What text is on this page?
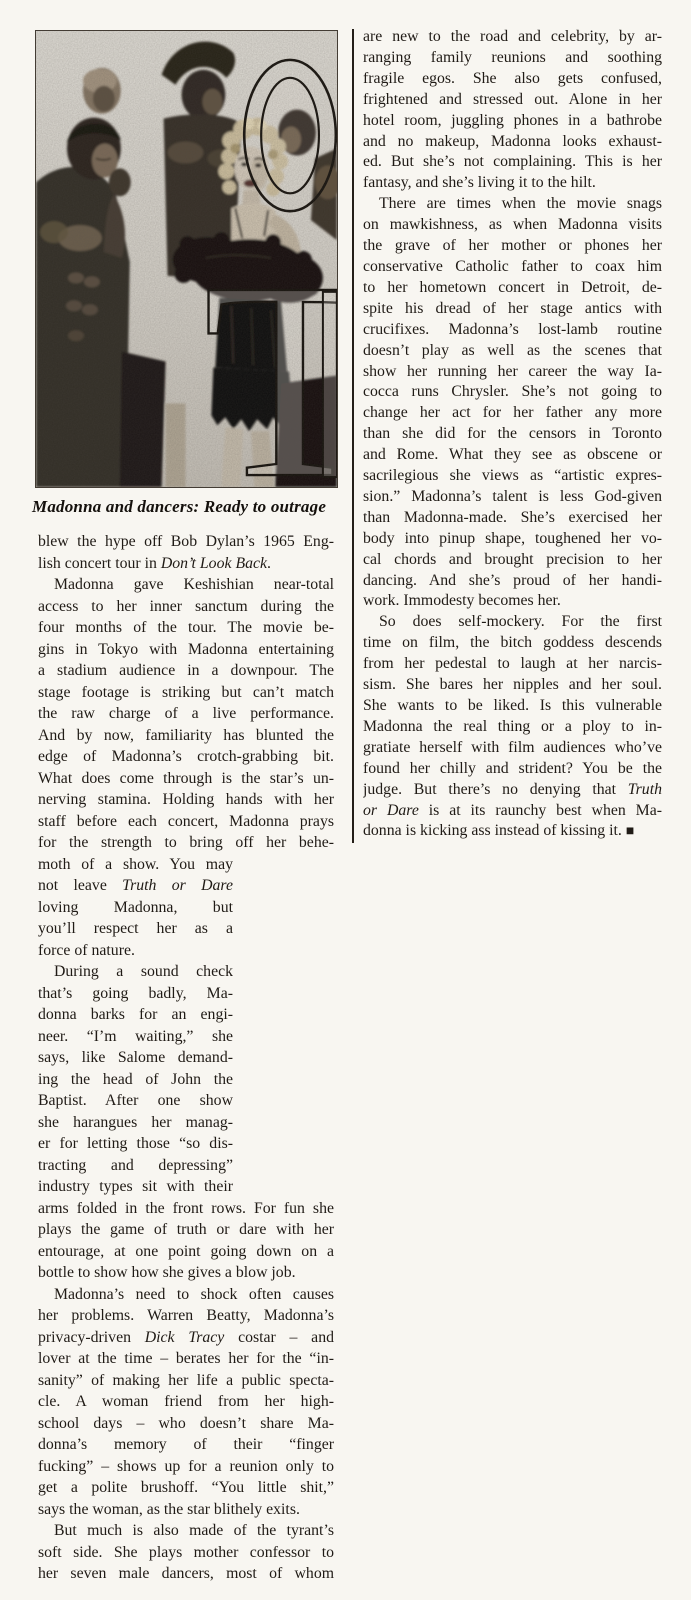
Madonna and dancers: Ready to outrage
blew the hype off Bob Dylan’s 1965 Eng-
lish concert tour in Don’t Look Back.
Madonna gave Keshishian near-total
access to her inner sanctum during the
four months of the tour. The movie be-
gins in Tokyo with Madonna entertaining
a stadium audience in a downpour. The
stage footage is striking but can’t match
the raw charge of a live performance.
And by now, familiarity has blunted the
edge of Madonna’s crotch-grabbing bit.
What does come through is the star’s un-
nerving stamina. Holding hands with her
staff before each concert, Madonna prays
for the strength to bring off her behe-
moth of a show. You may
not leave Truth or Dare
loving Madonna, but
you’ll respect her as a
force of nature.
During a sound check
that’s going badly, Ma-
donna barks for an engi-
neer. “I’m waiting,” she
says, like Salome demand-
ing the head of John the
Baptist. After one show
she harangues her manag-
er for letting those “so dis-
tracting and depressing”
industry types sit with their
arms folded in the front rows. For fun she
plays the game of truth or dare with her
entourage, at one point going down on a
bottle to show how she gives a blow job.
Madonna’s need to shock often causes
her problems. Warren Beatty, Madonna’s
privacy-driven Dick Tracy costar – and
lover at the time – berates her for the “in-
sanity” of making her life a public specta-
cle. A woman friend from her high-
school days – who doesn’t share Ma-
donna’s memory of their “finger
fucking” – shows up for a reunion only to
get a polite brushoff. “You little shit,”
says the woman, as the star blithely exits.
But much is also made of the tyrant’s
soft side. She plays mother confessor to
her seven male dancers, most of whom
are new to the road and celebrity, by ar-
ranging family reunions and soothing
fragile egos. She also gets confused,
frightened and stressed out. Alone in her
hotel room, juggling phones in a bathrobe
and no makeup, Madonna looks exhaust-
ed. But she’s not complaining. This is her
fantasy, and she’s living it to the hilt.
There are times when the movie snags
on mawkishness, as when Madonna visits
the grave of her mother or phones her
conservative Catholic father to coax him
to her hometown concert in Detroit, de-
spite his dread of her stage antics with
crucifixes. Madonna’s lost-lamb routine
doesn’t play as well as the scenes that
show her running her career the way Ia-
cocca runs Chrysler. She’s not going to
change her act for her father any more
than she did for the censors in Toronto
and Rome. What they see as obscene or
sacrilegious she views as “artistic expres-
sion.” Madonna’s talent is less God-given
than Madonna-made. She’s exercised her
body into pinup shape, toughened her vo-
cal chords and brought precision to her
dancing. And she’s proud of her handi-
work. Immodesty becomes her.
So does self-mockery. For the first
time on film, the bitch goddess descends
from her pedestal to laugh at her narcis-
sism. She bares her nipples and her soul.
She wants to be liked. Is this vulnerable
Madonna the real thing or a ploy to in-
gratiate herself with film audiences who’ve
found her chilly and strident? You be the
judge. But there’s no denying that Truth
or Dare is at its raunchy best when Ma-
donna is kicking ass instead of kissing it. ■
